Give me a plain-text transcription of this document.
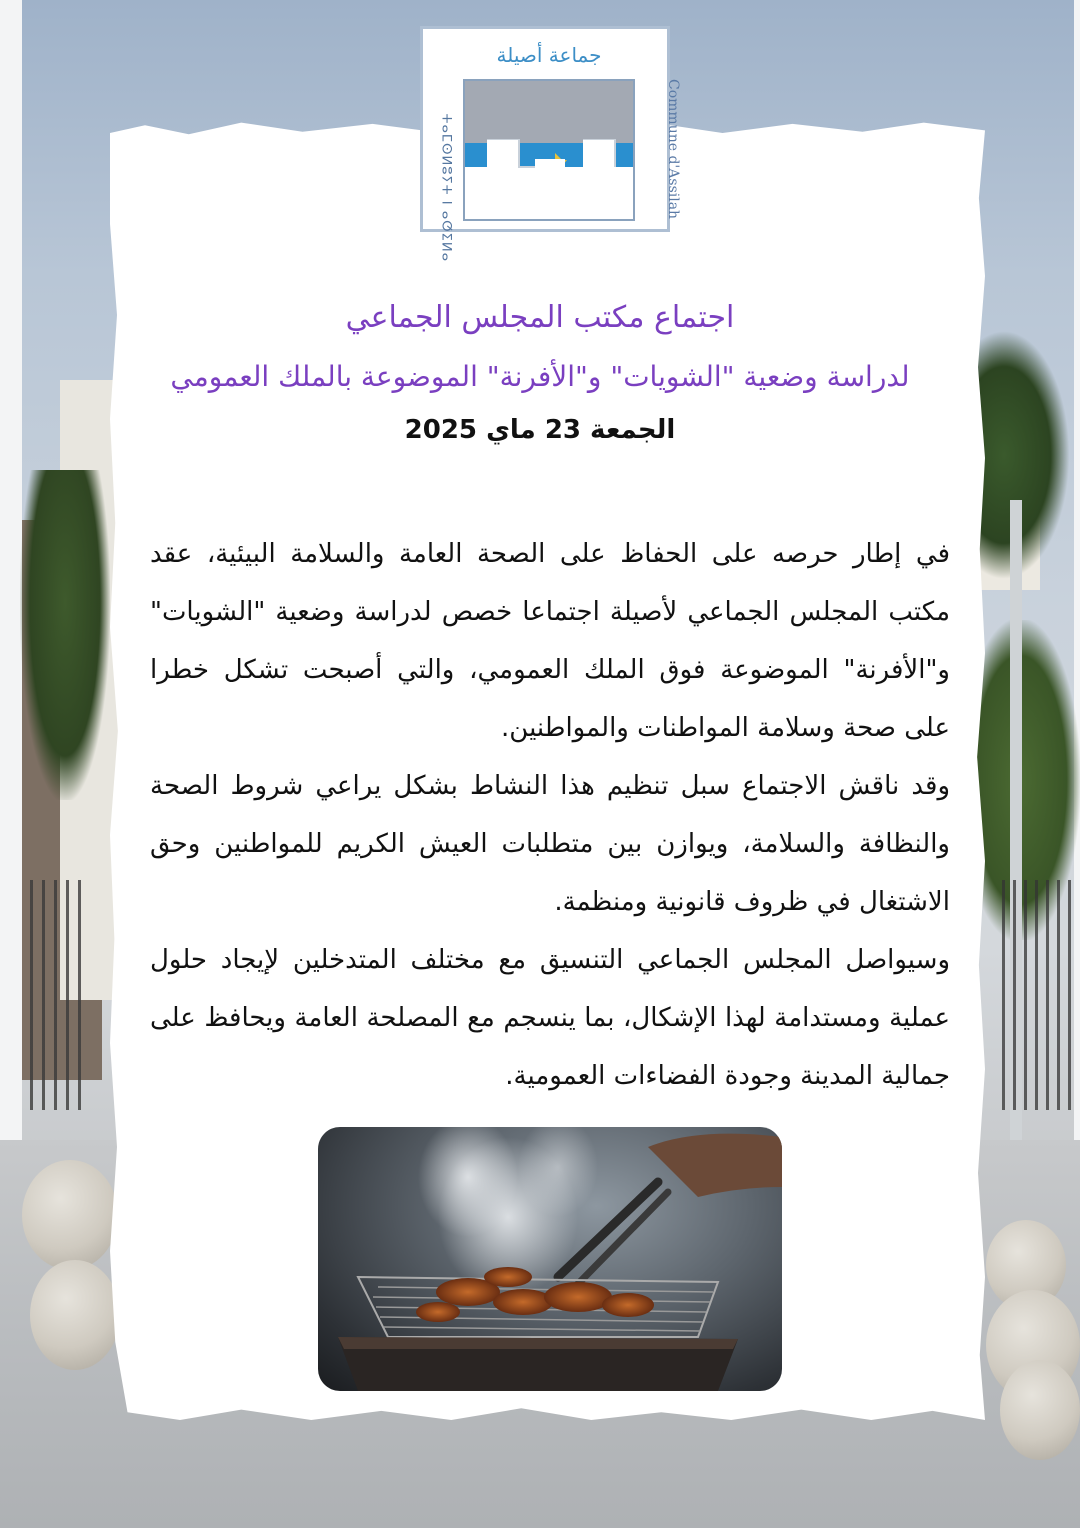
جماعة أصيلة
ⵜⴰⵎⵙⵍⵓⵢⵜ ⵏ ⴰⵚⵉⵍⴰ	Commune d'Assilah
اجتماع مكتب المجلس الجماعي
لدراسة وضعية "الشويات" و"الأفرنة" الموضوعة بالملك العمومي
الجمعة 23 ماي 2025

في إطار حرصه على الحفاظ على الصحة العامة والسلامة البيئية، عقد مكتب المجلس الجماعي لأصيلة اجتماعا خصص لدراسة وضعية "الشويات" و"الأفرنة" الموضوعة فوق الملك العمومي، والتي أصبحت تشكل خطرا على صحة وسلامة المواطنات والمواطنين.

وقد ناقش الاجتماع سبل تنظيم هذا النشاط بشكل يراعي شروط الصحة والنظافة والسلامة، ويوازن بين متطلبات العيش الكريم للمواطنين وحق الاشتغال في ظروف قانونية ومنظمة.

وسيواصل المجلس الجماعي التنسيق مع مختلف المتدخلين لإيجاد حلول عملية ومستدامة لهذا الإشكال، بما ينسجم مع المصلحة العامة ويحافظ على جمالية المدينة وجودة الفضاءات العمومية.
